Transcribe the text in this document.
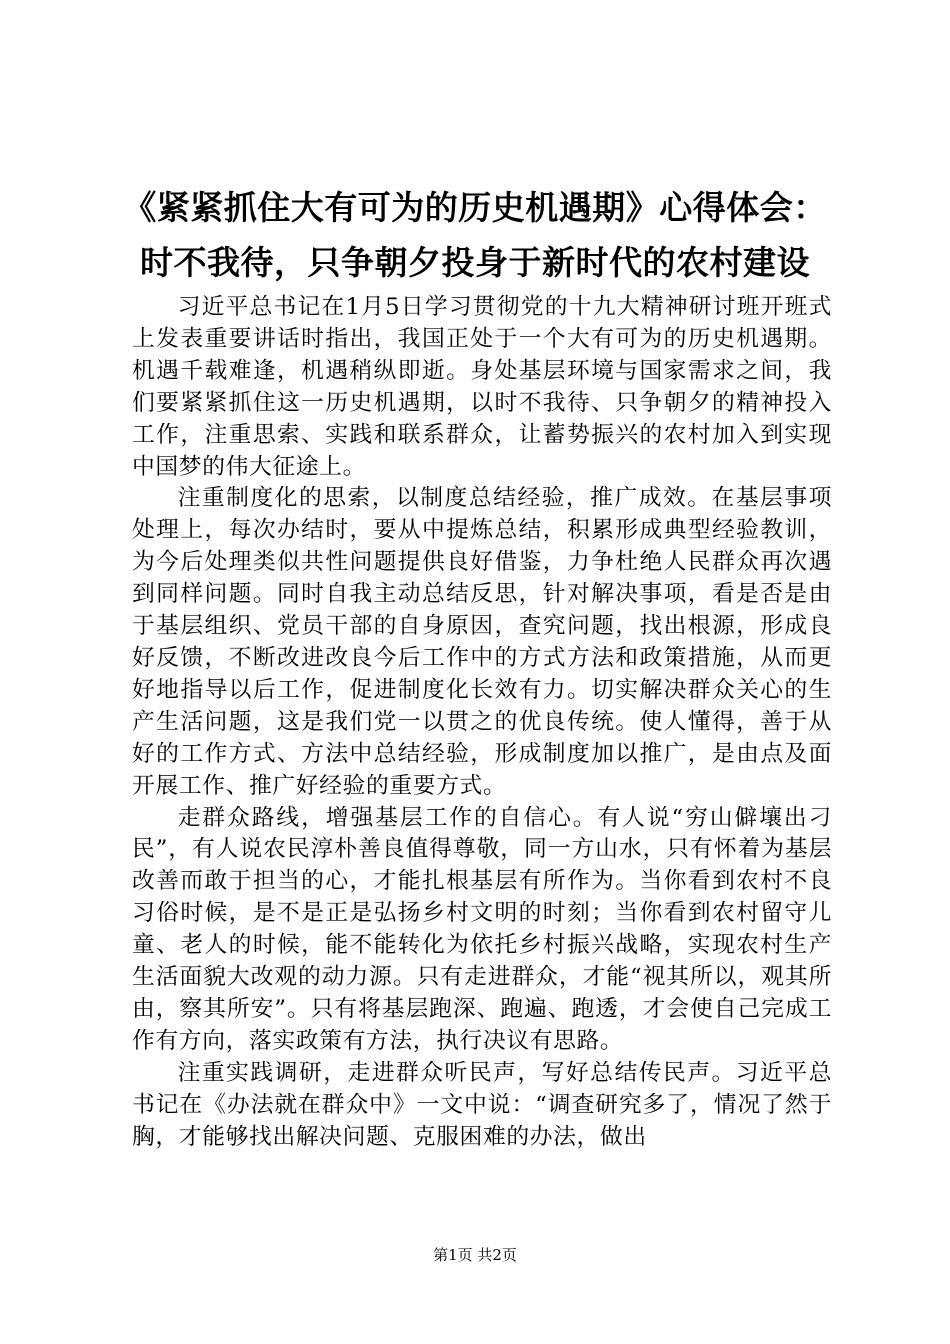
《紧紧抓住大有可为的历史机遇期》心得体会：
时不我待，只争朝夕投身于新时代的农村建设

习近平总书记在1月5日学习贯彻党的十九大精神研讨班开班式上发表重要讲话时指出，我国正处于一个大有可为的历史机遇期。机遇千载难逢，机遇稍纵即逝。身处基层环境与国家需求之间，我们要紧紧抓住这一历史机遇期，以时不我待、只争朝夕的精神投入工作，注重思索、实践和联系群众，让蓄势振兴的农村加入到实现中国梦的伟大征途上。

注重制度化的思索，以制度总结经验，推广成效。在基层事项处理上，每次办结时，要从中提炼总结，积累形成典型经验教训，为今后处理类似共性问题提供良好借鉴，力争杜绝人民群众再次遇到同样问题。同时自我主动总结反思，针对解决事项，看是否是由于基层组织、党员干部的自身原因，查究问题，找出根源，形成良好反馈，不断改进改良今后工作中的方式方法和政策措施，从而更好地指导以后工作，促进制度化长效有力。切实解决群众关心的生产生活问题，这是我们党一以贯之的优良传统。使人懂得，善于从好的工作方式、方法中总结经验，形成制度加以推广，是由点及面开展工作、推广好经验的重要方式。

走群众路线，增强基层工作的自信心。有人说“穷山僻壤出刁民”，有人说农民淳朴善良值得尊敬，同一方山水，只有怀着为基层改善而敢于担当的心，才能扎根基层有所作为。当你看到农村不良习俗时候，是不是正是弘扬乡村文明的时刻；当你看到农村留守儿童、老人的时候，能不能转化为依托乡村振兴战略，实现农村生产生活面貌大改观的动力源。只有走进群众，才能“视其所以，观其所由，察其所安”。只有将基层跑深、跑遍、跑透，才会使自己完成工作有方向，落实政策有方法，执行决议有思路。

注重实践调研，走进群众听民声，写好总结传民声。习近平总书记在《办法就在群众中》一文中说：“调查研究多了，情况了然于胸，才能够找出解决问题、克服困难的办法，做出

第1页 共2页
